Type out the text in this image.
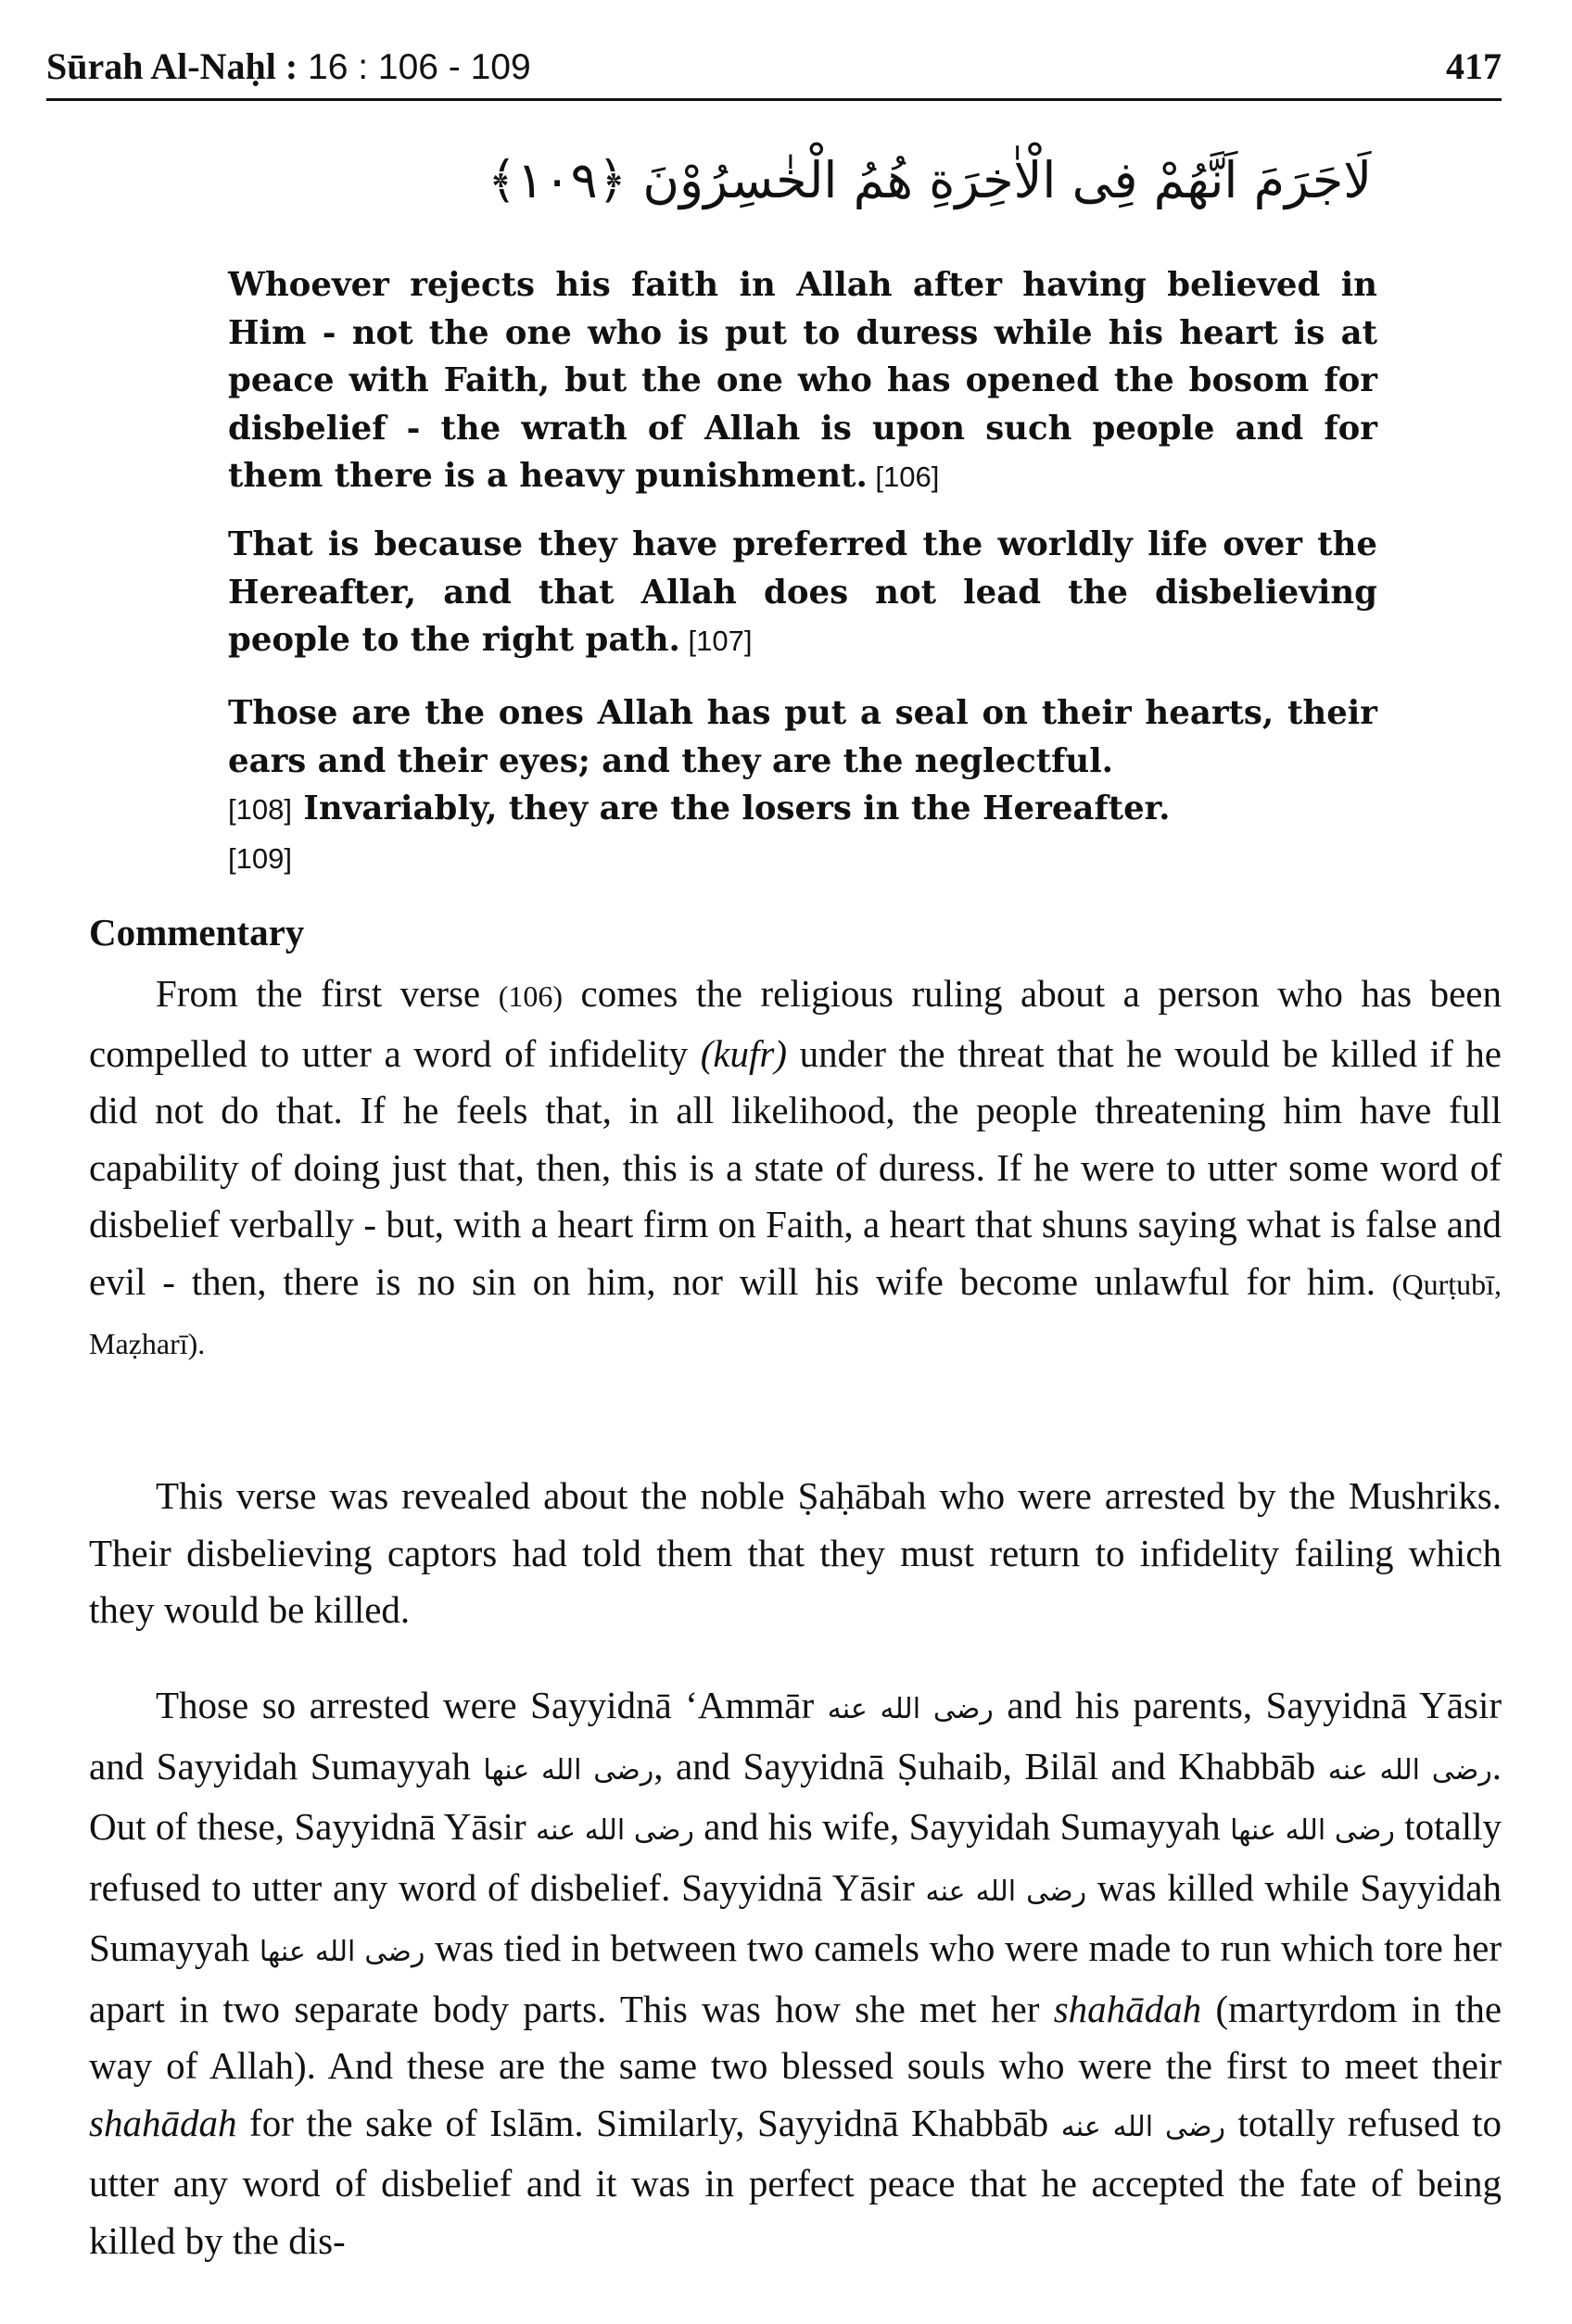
Sūrah Al-Naḥl : 16 : 106 - 109	417
لَاجَرَمَ اَنَّهُمْ فِى الْاٰخِرَةِ هُمُ الْخٰسِرُوْنَ ﴿١٠٩﴾
Whoever rejects his faith in Allah after having believed in Him - not the one who is put to duress while his heart is at peace with Faith, but the one who has opened the bosom for disbelief - the wrath of Allah is upon such people and for them there is a heavy punishment. [106]
That is because they have preferred the worldly life over the Hereafter, and that Allah does not lead the disbelieving people to the right path. [107]
Those are the ones Allah has put a seal on their hearts, their ears and their eyes; and they are the neglectful.
[108] Invariably, they are the losers in the Hereafter.
[109]
Commentary
From the first verse (106) comes the religious ruling about a person who has been compelled to utter a word of infidelity (kufr) under the threat that he would be killed if he did not do that. If he feels that, in all likelihood, the people threatening him have full capability of doing just that, then, this is a state of duress. If he were to utter some word of disbelief verbally - but, with a heart firm on Faith, a heart that shuns saying what is false and evil - then, there is no sin on him, nor will his wife become unlawful for him. (Qurṭubī, Maẓharī).
This verse was revealed about the noble Ṣaḥābah who were arrested by the Mushriks. Their disbelieving captors had told them that they must return to infidelity failing which they would be killed.
Those so arrested were Sayyidnā ‘Ammār رضى الله عنه and his parents, Sayyidnā Yāsir and Sayyidah Sumayyah رضى الله عنها, and Sayyidnā Ṣuhaib, Bilāl and Khabbāb رضى الله عنه. Out of these, Sayyidnā Yāsir رضى الله عنه and his wife, Sayyidah Sumayyah رضى الله عنها totally refused to utter any word of disbelief. Sayyidnā Yāsir رضى الله عنه was killed while Sayyidah Sumayyah رضى الله عنها was tied in between two camels who were made to run which tore her apart in two separate body parts. This was how she met her shahādah (martyrdom in the way of Allah). And these are the same two blessed souls who were the first to meet their shahādah for the sake of Islām. Similarly, Sayyidnā Khabbāb رضى الله عنه totally refused to utter any word of disbelief and it was in perfect peace that he accepted the fate of being killed by the dis-
